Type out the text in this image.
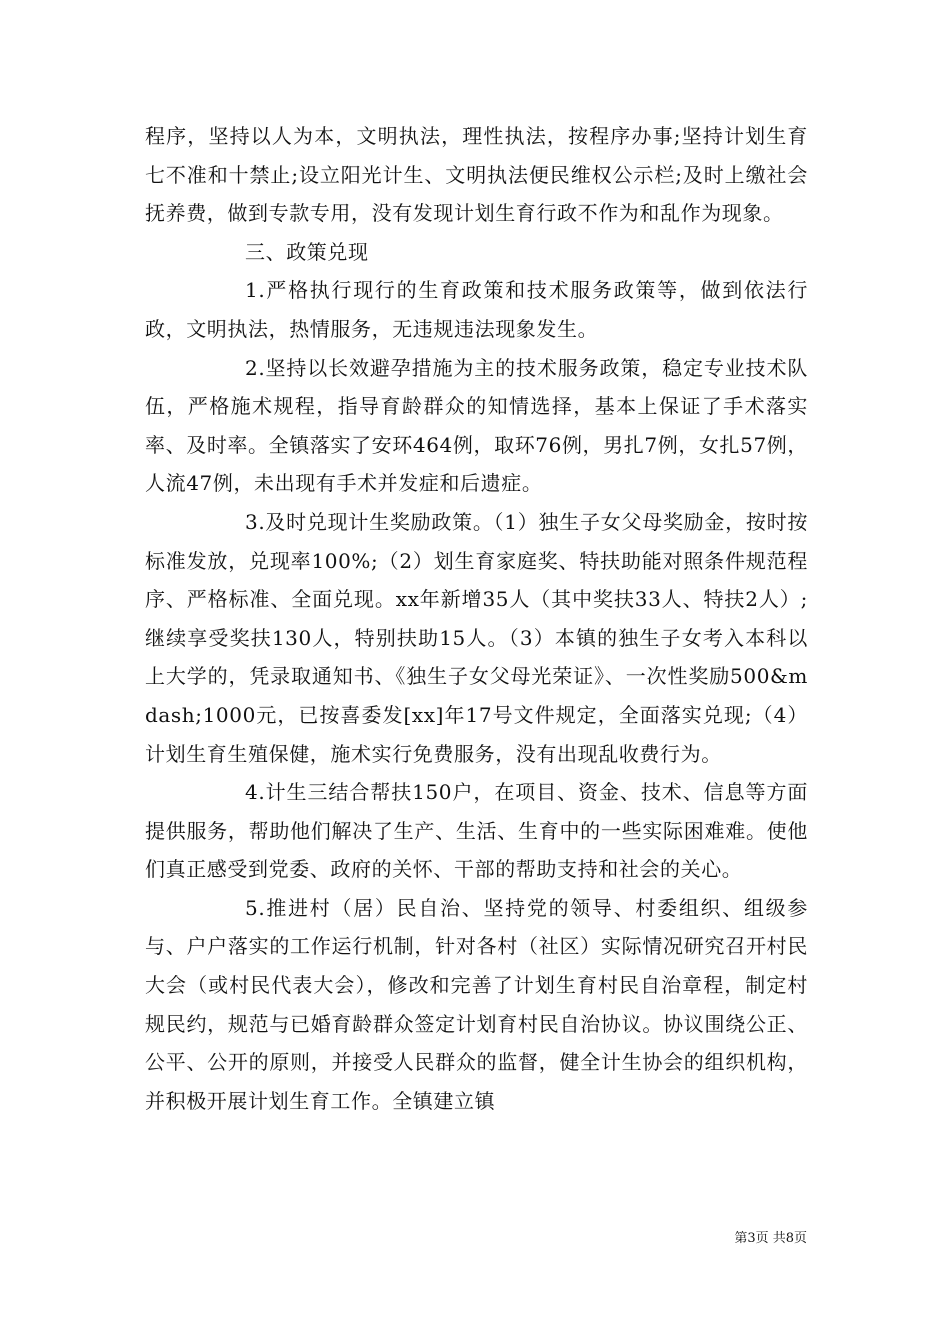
程序，坚持以人为本，文明执法，理性执法，按程序办事;坚持计划生育七不准和十禁止;设立阳光计生、文明执法便民维权公示栏;及时上缴社会抚养费，做到专款专用，没有发现计划生育行政不作为和乱作为现象。

三、政策兑现

1.严格执行现行的生育政策和技术服务政策等，做到依法行政，文明执法，热情服务，无违规违法现象发生。

2.坚持以长效避孕措施为主的技术服务政策，稳定专业技术队伍，严格施术规程，指导育龄群众的知情选择，基本上保证了手术落实率、及时率。全镇落实了安环464例，取环76例，男扎7例，女扎57例，人流47例，未出现有手术并发症和后遗症。

3.及时兑现计生奖励政策。（1）独生子女父母奖励金，按时按标准发放，兑现率100%;（2）划生育家庭奖、特扶助能对照条件规范程序、严格标准、全面兑现。xx年新增35人（其中奖扶33人、特扶2人）;继续享受奖扶130人，特别扶助15人。（3）本镇的独生子女考入本科以上大学的，凭录取通知书、《独生子女父母光荣证》、一次性奖励500&mdash;1000元，已按喜委发[xx]年17号文件规定，全面落实兑现;（4）计划生育生殖保健，施术实行免费服务，没有出现乱收费行为。

4.计生三结合帮扶150户，在项目、资金、技术、信息等方面提供服务，帮助他们解决了生产、生活、生育中的一些实际困难难。使他们真正感受到党委、政府的关怀、干部的帮助支持和社会的关心。

5.推进村（居）民自治、坚持党的领导、村委组织、组级参与、户户落实的工作运行机制，针对各村（社区）实际情况研究召开村民大会（或村民代表大会），修改和完善了计划生育村民自治章程，制定村规民约，规范与已婚育龄群众签定计划育村民自治协议。协议围绕公正、公平、公开的原则，并接受人民群众的监督，健全计生协会的组织机构，并积极开展计划生育工作。全镇建立镇

第3页 共8页
